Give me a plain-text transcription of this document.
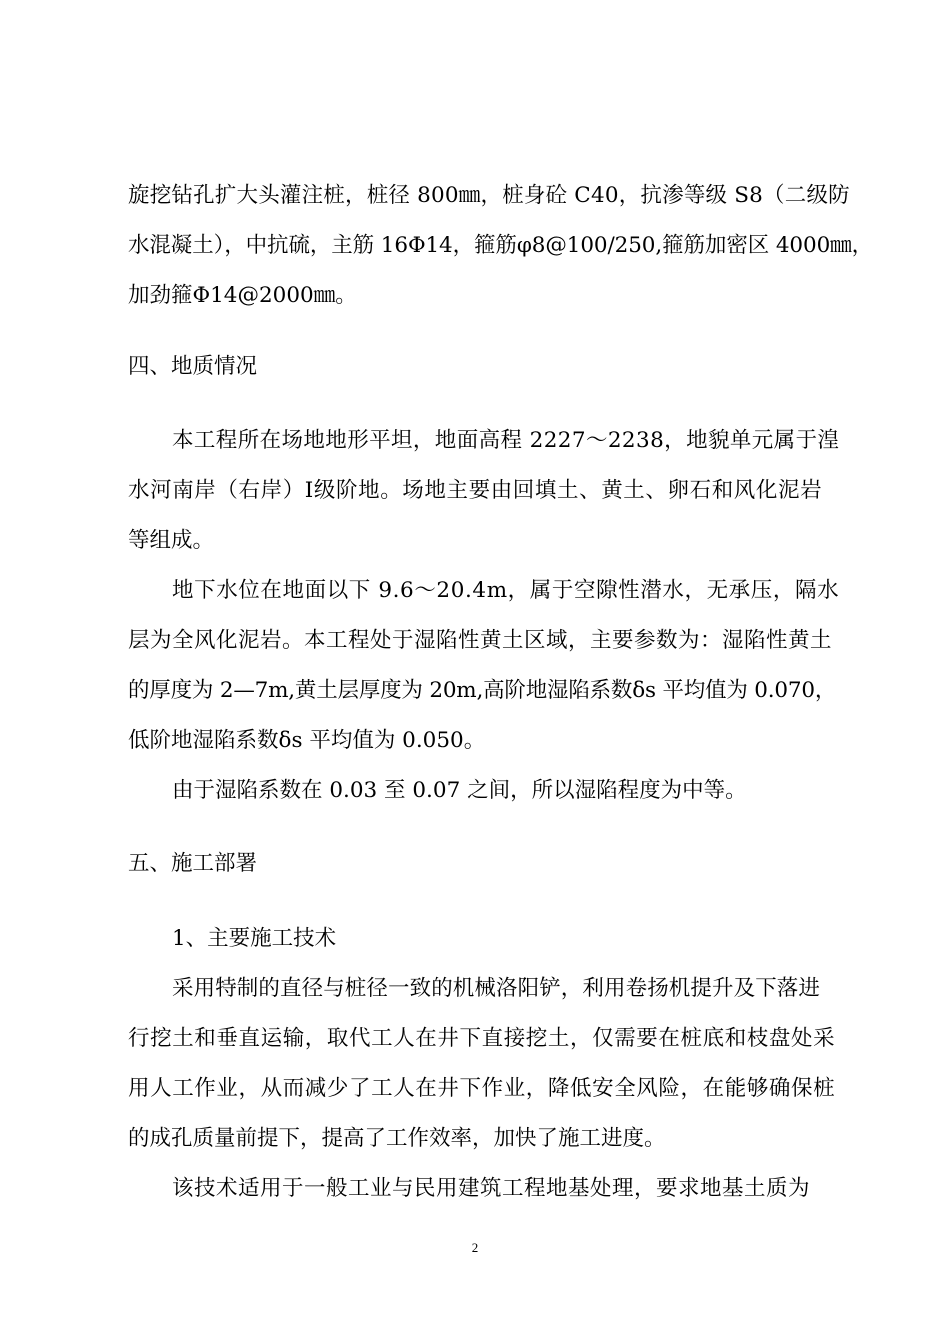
旋挖钻孔扩大头灌注桩，桩径 800㎜，桩身砼 C40，抗渗等级 S8（二级防
水混凝土），中抗硫，主筋 16Φ14，箍筋φ8@100/250,箍筋加密区 4000㎜，
加劲箍Φ14@2000㎜。
四、地质情况
本工程所在场地地形平坦，地面高程 2227～2238，地貌单元属于湟
水河南岸（右岸）Ⅰ级阶地。场地主要由回填土、黄土、卵石和风化泥岩
等组成。
地下水位在地面以下 9.6～20.4m，属于空隙性潜水，无承压，隔水
层为全风化泥岩。本工程处于湿陷性黄土区域，主要参数为：湿陷性黄土
的厚度为 2—7m,黄土层厚度为 20m,高阶地湿陷系数δs 平均值为 0.070，
低阶地湿陷系数δs 平均值为 0.050。
由于湿陷系数在 0.03 至 0.07 之间，所以湿陷程度为中等。
五、施工部署
1、主要施工技术
采用特制的直径与桩径一致的机械洛阳铲，利用卷扬机提升及下落进
行挖土和垂直运输，取代工人在井下直接挖土，仅需要在桩底和枝盘处采
用人工作业，从而减少了工人在井下作业，降低安全风险，在能够确保桩
的成孔质量前提下，提高了工作效率，加快了施工进度。
该技术适用于一般工业与民用建筑工程地基处理，要求地基土质为
2
